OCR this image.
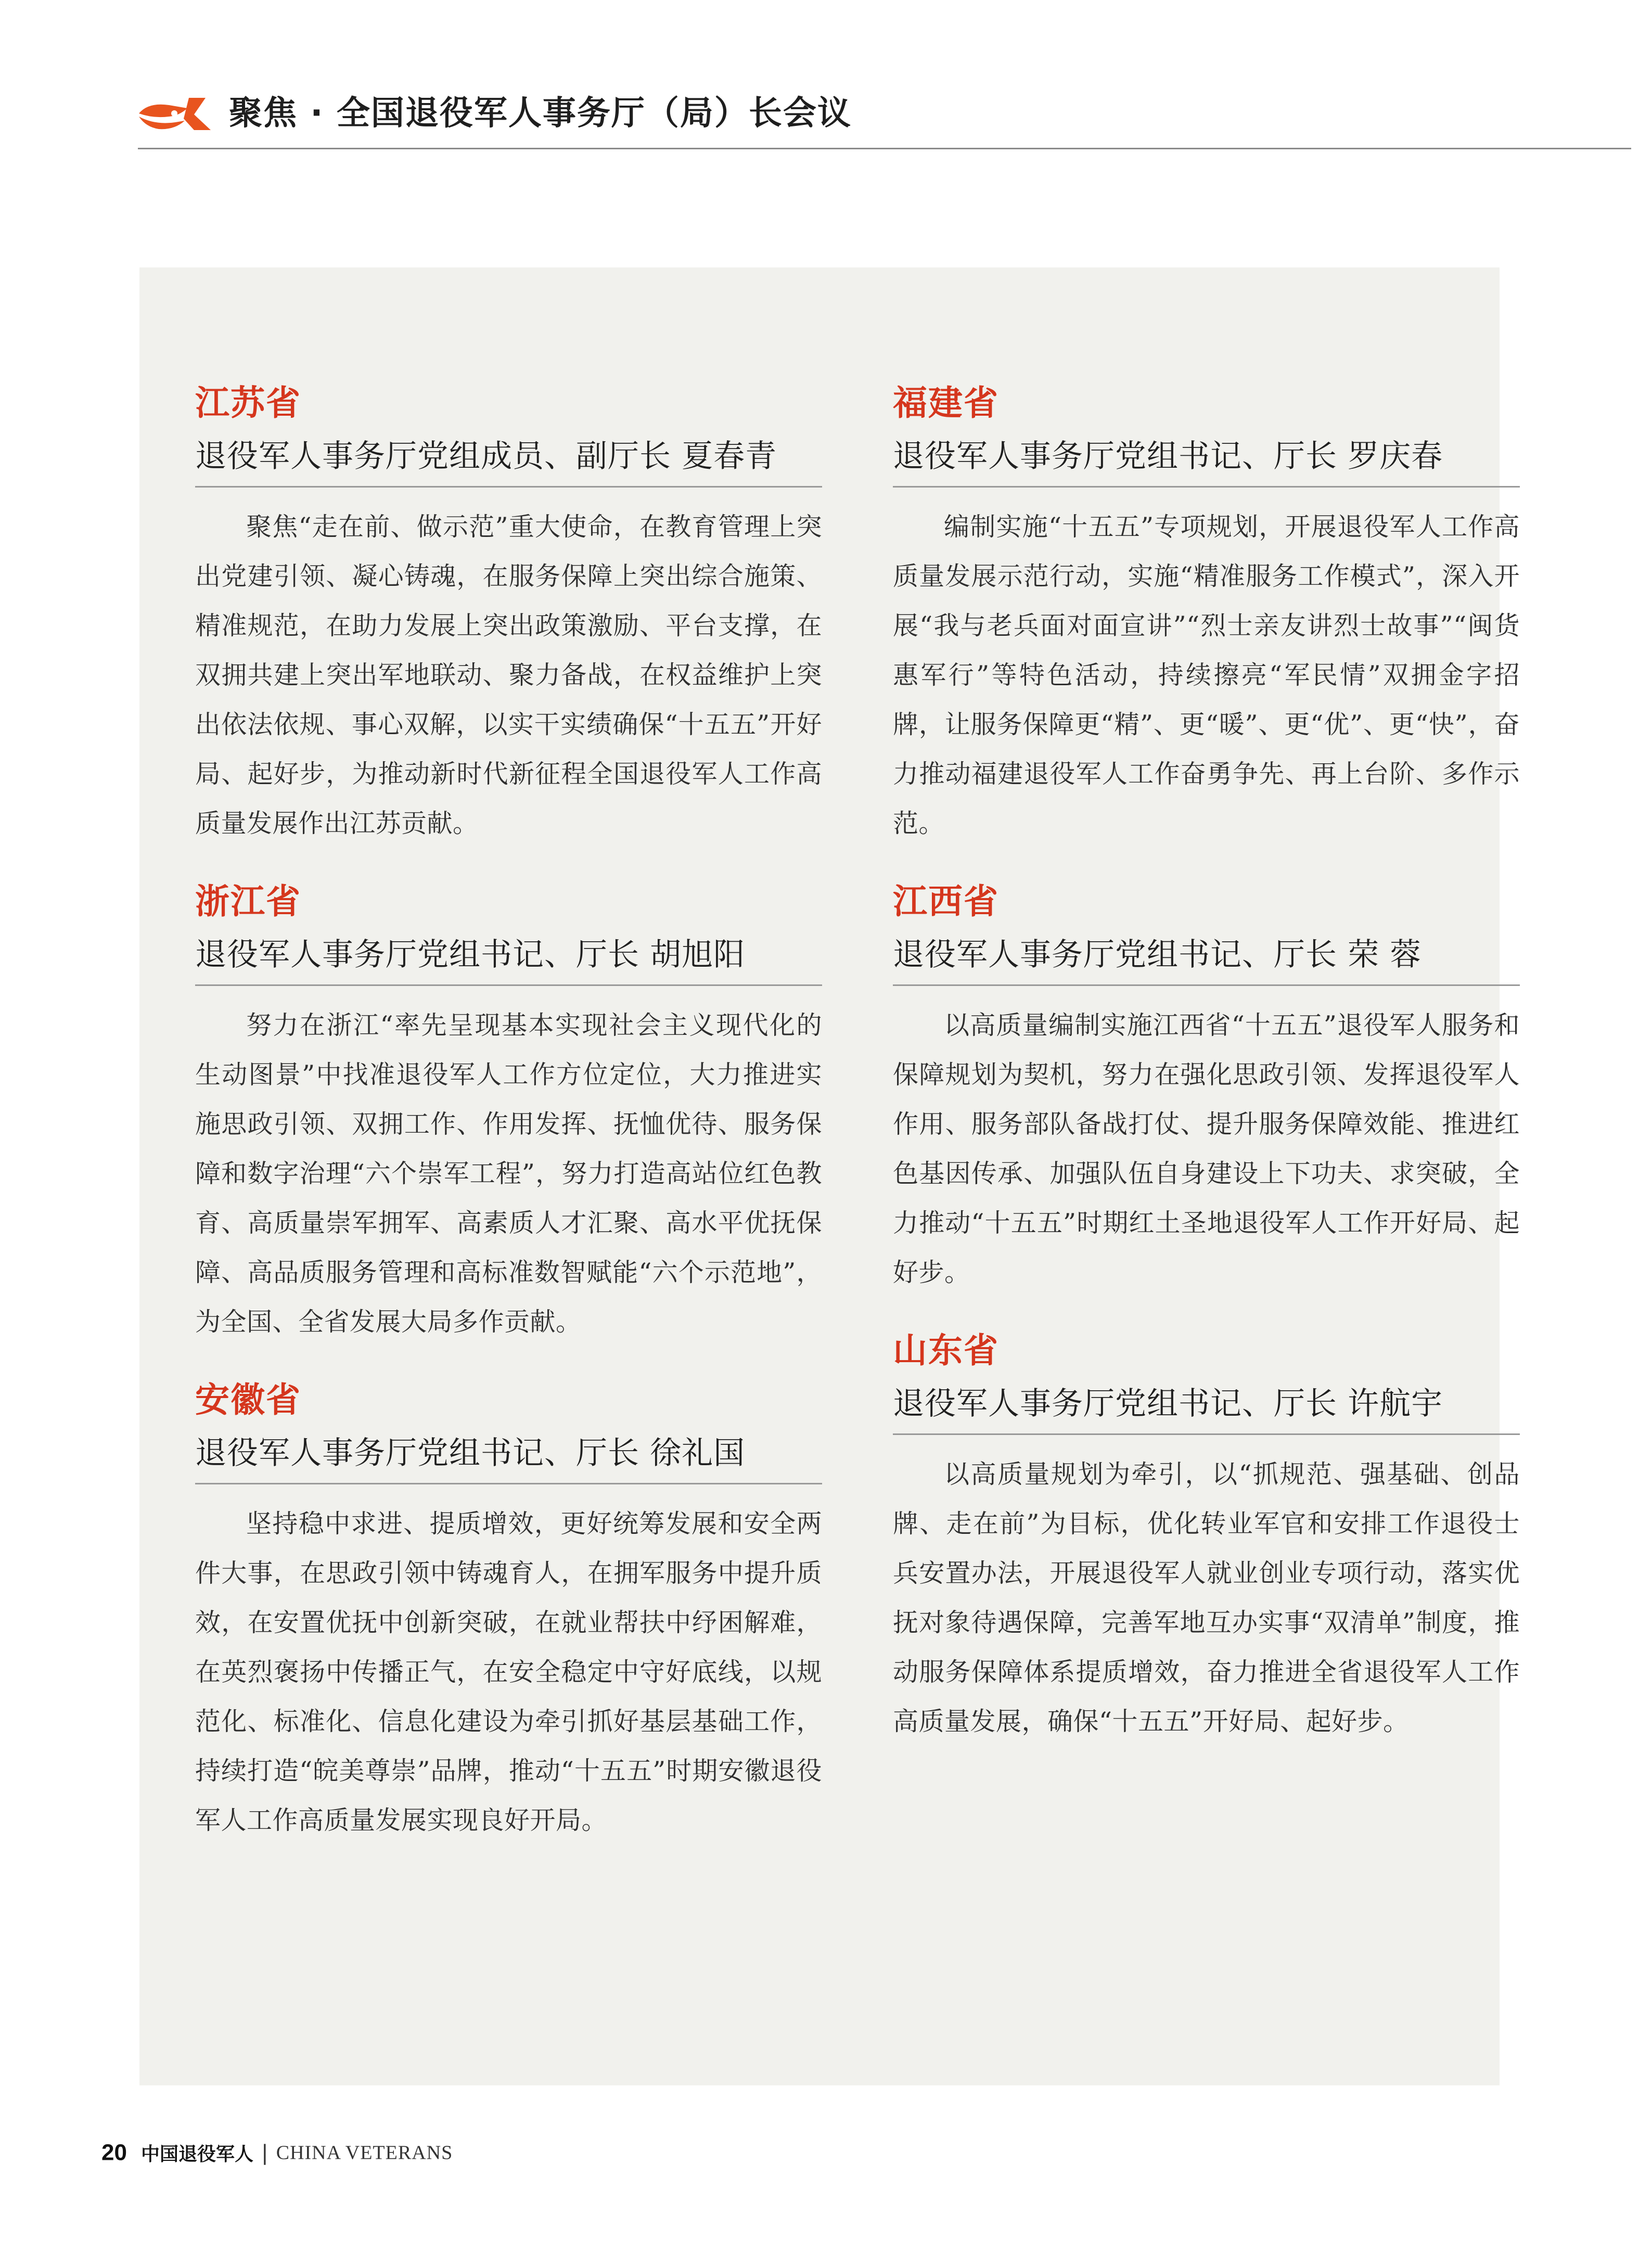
聚焦 · 全国退役军人事务厅（局）长会议
江苏省
退役军人事务厅党组成员、副厅长 夏春青
聚焦“走在前、做示范”重大使命，在教育管理上突出党建引领、凝心铸魂，在服务保障上突出综合施策、精准规范，在助力发展上突出政策激励、平台支撑，在双拥共建上突出军地联动、聚力备战，在权益维护上突出依法依规、事心双解，以实干实绩确保“十五五”开好局、起好步，为推动新时代新征程全国退役军人工作高质量发展作出江苏贡献。
浙江省
退役军人事务厅党组书记、厅长 胡旭阳
努力在浙江“率先呈现基本实现社会主义现代化的生动图景”中找准退役军人工作方位定位，大力推进实施思政引领、双拥工作、作用发挥、抚恤优待、服务保障和数字治理“六个崇军工程”，努力打造高站位红色教育、高质量崇军拥军、高素质人才汇聚、高水平优抚保障、高品质服务管理和高标准数智赋能“六个示范地”，为全国、全省发展大局多作贡献。
安徽省
退役军人事务厅党组书记、厅长 徐礼国
坚持稳中求进、提质增效，更好统筹发展和安全两件大事，在思政引领中铸魂育人，在拥军服务中提升质效，在安置优抚中创新突破，在就业帮扶中纾困解难，在英烈褒扬中传播正气，在安全稳定中守好底线，以规范化、标准化、信息化建设为牵引抓好基层基础工作，持续打造“皖美尊崇”品牌，推动“十五五”时期安徽退役军人工作高质量发展实现良好开局。
福建省
退役军人事务厅党组书记、厅长 罗庆春
编制实施“十五五”专项规划，开展退役军人工作高质量发展示范行动，实施“精准服务工作模式”，深入开展“我与老兵面对面宣讲”“烈士亲友讲烈士故事”“闽货惠军行”等特色活动，持续擦亮“军民情”双拥金字招牌，让服务保障更“精”、更“暖”、更“优”、更“快”，奋力推动福建退役军人工作奋勇争先、再上台阶、多作示范。
江西省
退役军人事务厅党组书记、厅长 荣 蓉
以高质量编制实施江西省“十五五”退役军人服务和保障规划为契机，努力在强化思政引领、发挥退役军人作用、服务部队备战打仗、提升服务保障效能、推进红色基因传承、加强队伍自身建设上下功夫、求突破，全力推动“十五五”时期红土圣地退役军人工作开好局、起好步。
山东省
退役军人事务厅党组书记、厅长 许航宇
以高质量规划为牵引，以“抓规范、强基础、创品牌、走在前”为目标，优化转业军官和安排工作退役士兵安置办法，开展退役军人就业创业专项行动，落实优抚对象待遇保障，完善军地互办实事“双清单”制度，推动服务保障体系提质增效，奋力推进全省退役军人工作高质量发展，确保“十五五”开好局、起好步。
20 中国退役军人 | CHINA VETERANS
